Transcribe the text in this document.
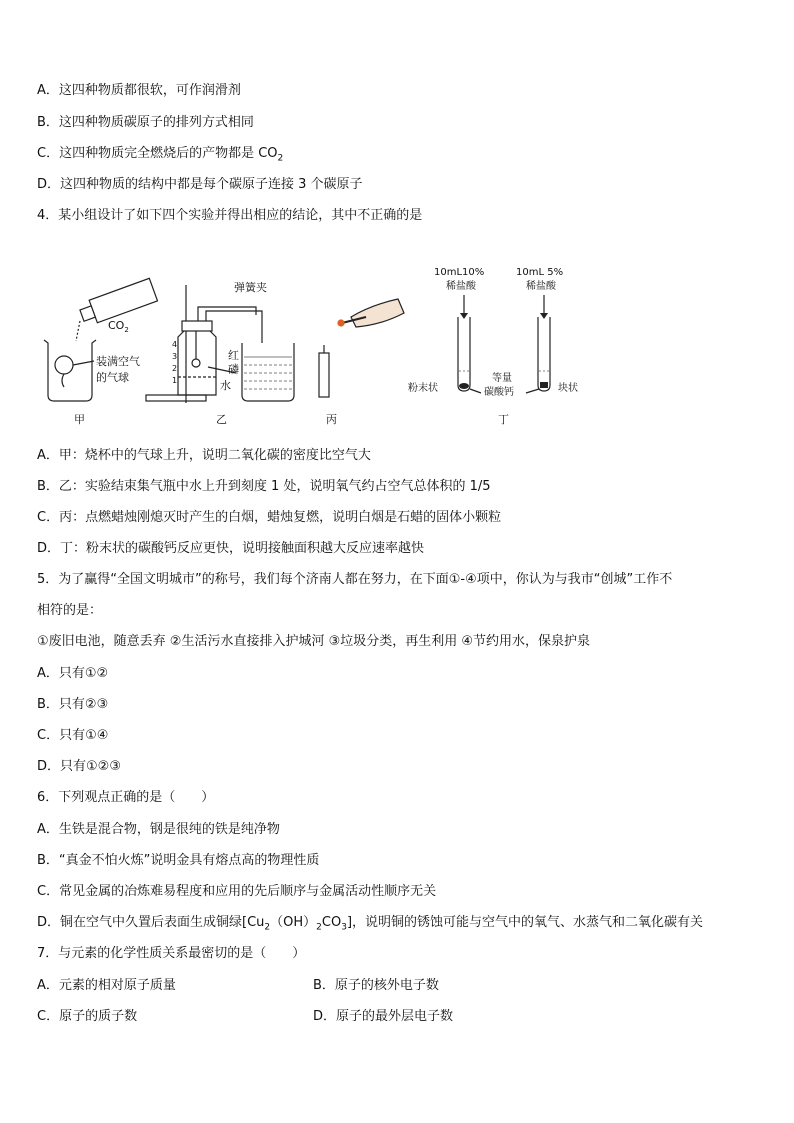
A．这四种物质都很软，可作润滑剂
B．这四种物质碳原子的排列方式相同
C．这四种物质完全燃烧后的产物都是 $CO_2$
D．这四种物质的结构中都是每个碳原子连接 3 个碳原子
4．某小组设计了如下四个实验并得出相应的结论，其中不正确的是
$CO_2$
装满空气
的气球
弹簧夹
4
3
2
1
红
磷
水
10mL10%
稀盐酸
10mL 5%
稀盐酸
粉末状
等量
碳酸钙	块状
甲	乙	丙	丁
A．甲：烧杯中的气球上升，说明二氧化碳的密度比空气大
B．乙：实验结束集气瓶中水上升到刻度 1 处，说明氧气约占空气总体积的 1/5
C．丙：点燃蜡烛刚熄灭时产生的白烟，蜡烛复燃，说明白烟是石蜡的固体小颗粒
D．丁：粉末状的碳酸钙反应更快，说明接触面积越大反应速率越快
5．为了赢得“全国文明城市”的称号，我们每个济南人都在努力，在下面①-④项中，你认为与我市“创城”工作不
相符的是：
①废旧电池，随意丢弃 ②生活污水直接排入护城河 ③垃圾分类，再生利用 ④节约用水，保泉护泉
A．只有①②
B．只有②③
C．只有①④
D．只有①②③
6．下列观点正确的是（　　）
A．生铁是混合物，钢是很纯的铁是纯净物
B．“真金不怕火炼”说明金具有熔点高的物理性质
C．常见金属的冶炼难易程度和应用的先后顺序与金属活动性顺序无关
D．铜在空气中久置后表面生成铜绿$[Cu_2(OH)_2CO_3]$，说明铜的锈蚀可能与空气中的氧气、水蒸气和二氧化碳有关
7．与元素的化学性质关系最密切的是（　　）
A．元素的相对原子质量	B．原子的核外电子数
C．原子的质子数	D．原子的最外层电子数
